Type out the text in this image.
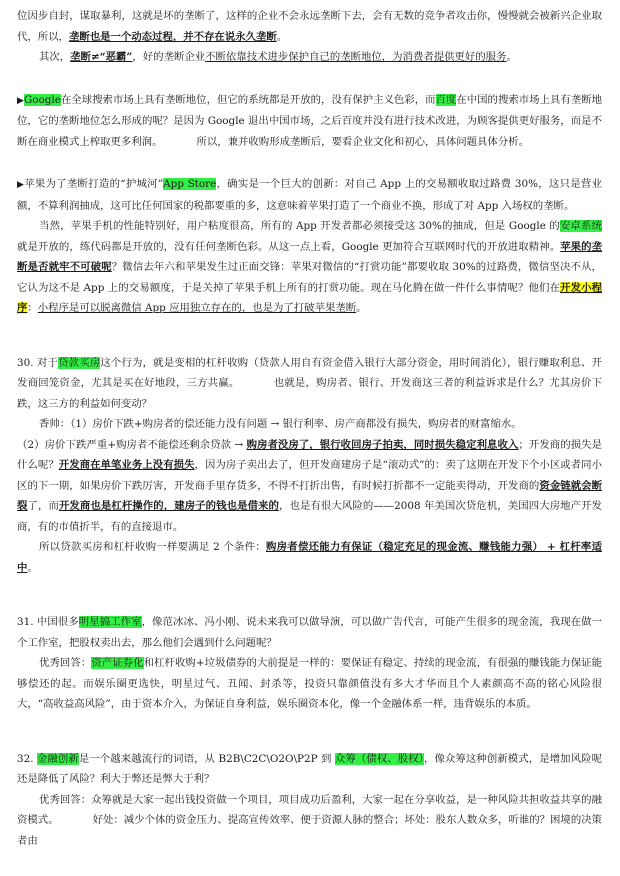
位因步自封，谋取暴利，这就是坏的垄断了，这样的企业不会永远垄断下去，会有无数的竞争者攻击你，慢慢就会被新兴企业取代，所以，垄断也是一个动态过程，并不存在说永久垄断。

其次，垄断≠“恶霸”，好的垄断企业不断依靠技术进步保护自己的垄断地位，为消费者提供更好的服务。

▶Google在全球搜索市场上具有垄断地位，但它的系统都是开放的，没有保护主义色彩，而百度在中国的搜索市场上具有垄断地位，它的垄断地位怎么形成的呢？是因为 Google 退出中国市场，之后百度并没有进行技术改进，为顾客提供更好服务，而是不断在商业模式上榨取更多利润。	所以，兼并收购形成垄断后，要看企业文化和初心，具体问题具体分析。

▶苹果为了垄断打造的“护城河”App Store，确实是一个巨大的创新：对自己 App 上的交易额收取过路费 30%，这只是营业额，不算利润抽成，这可比任何国家的税都要重的多，这意味着苹果打造了一个商业不换，形成了对 App 入场权的垄断。

当然，苹果手机的性能特别好，用户粘度很高，所有的 App 开发者都必须接受这 30%的抽成，但是 Google 的安卓系统就是开放的，练代码都是开放的，没有任何垄断色彩。从这一点上看，Google 更加符合互联网时代的开放进取精神。苹果的垄断是否就牢不可破呢？微信去年六和苹果发生过正面交锋：苹果对微信的“打赏功能”都要收取 30%的过路费，微信坚决不从，它认为这不是 App 上的交易额度，于是关掉了苹果手机上所有的打赏功能。现在马化腾在做一件什么事情呢？他们在开发小程序：小程序是可以脱离微信 App 应用独立存在的，也是为了打破苹果垄断。

30. 对于贷款买房这个行为，就是变相的杠杆收购（贷款人用自有资金借入银行大部分资金，用时间消化），银行赚取利息、开发商回笼资金，尤其是买在好地段，三方共赢。	也就是，购房者、银行、开发商这三者的利益诉求是什么？尤其房价下跌，这三方的利益如何变动？

香帅：（1）房价下跌+购房者的偿还能力没有问题 → 银行利率、房产商都没有损失，购房者的财富缩水。

（2）房价下跌严重+购房者不能偿还剩余贷款 → 购房者没房了，银行收回房子拍卖，同时损失稳定利息收入；开发商的损失是什么呢？开发商在单笔业务上没有损失，因为房子卖出去了，但开发商建房子是“滚动式”的：卖了这期在开发下个小区或者同小区的下一期，如果房价下跌厉害，开发商手里存货多，不得不打折出售，有时候打折都不一定能卖得动，开发商的资金链就会断裂了，而开发商也是杠杆操作的，建房子的钱也是借来的，也是有很大风险的——2008 年美国次贷危机，美国四大房地产开发商，有的市值折半，有的直接退市。

所以贷款买房和杠杆收购一样要满足 2 个条件：购房者偿还能力有保证（稳定充足的现金流、赚钱能力强） + 杠杆率适中。

31. 中国很多明星搞工作室，像范冰冰、冯小刚、说未来我可以做导演，可以做广告代言，可能产生很多的现金流，我现在做一个工作室，把股权卖出去，那么他们会遇到什么问题呢？

优秀回答：资产证券化和杠杆收购+垃圾债券的大前提是一样的：要保证有稳定、持续的现金流，有很强的赚钱能力保证能够偿还的起。而娱乐圈更选快，明星过气、丑闻、封杀等，投资只靠颜值没有多大才华而且个人素颜高不高的铭心风险很大，“高收益高风险”，由于资本介入，为保证自身利益，娱乐圈资本化，像一个金融体系一样，违背娱乐的本质。

32. 金融创新是一个越来越流行的词语，从 B2B\C2C\O2O\P2P 到 众筹（债权、股权），像众筹这种创新模式，是增加风险呢还是降低了风险？利大于弊还是弊大于利？

优秀回答：众筹就是大家一起出钱投资做一个项目，项目成功后盈利，大家一起在分享收益，是一种风险共担收益共享的融资模式。	好处：减少个体的资金压力、提高宣传效率、便于资源人脉的整合；坏处：股东人数众多，听谁的？困境的决策者由
